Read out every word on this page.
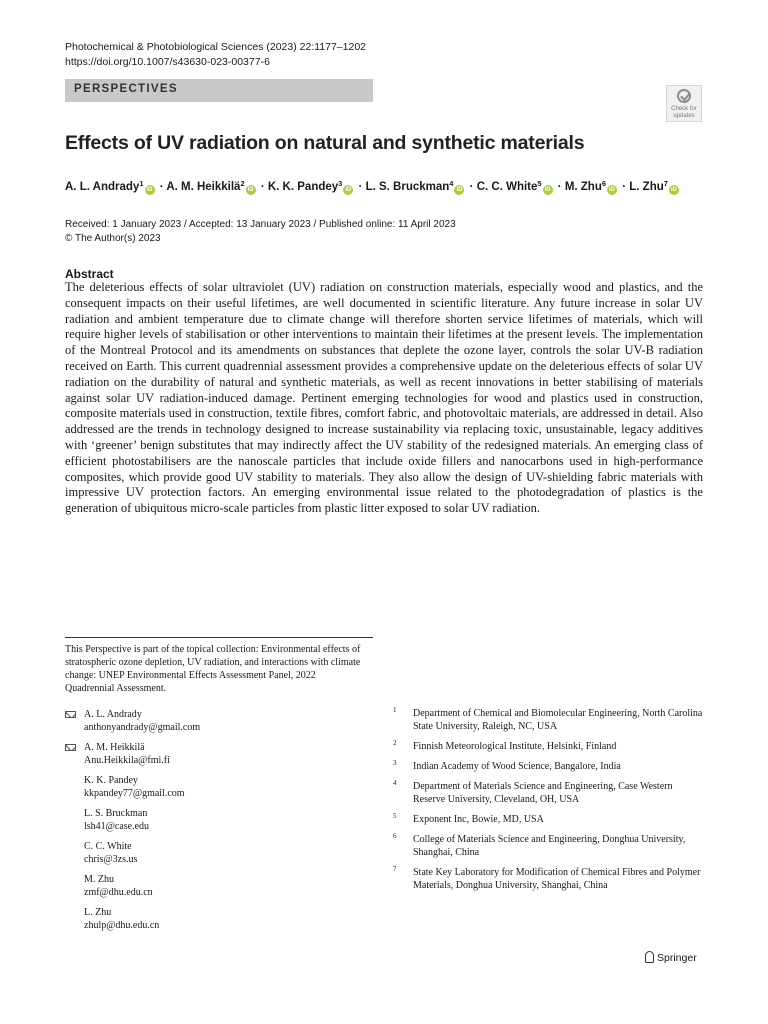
Photochemical & Photobiological Sciences (2023) 22:1177–1202
https://doi.org/10.1007/s43630-023-00377-6
PERSPECTIVES
Check for
updates
Effects of UV radiation on natural and synthetic materials
A. L. Andrady$^1$iD · A. M. Heikkilä$^2$iD · K. K. Pandey$^3$iD · L. S. Bruckman$^4$iD · C. C. White$^5$iD · M. Zhu$^6$iD · L. Zhu$^7$iD
Received: 1 January 2023 / Accepted: 13 January 2023 / Published online: 11 April 2023
© The Author(s) 2023
Abstract
The deleterious effects of solar ultraviolet (UV) radiation on construction materials, especially wood and plastics, and the consequent impacts on their useful lifetimes, are well documented in scientific literature. Any future increase in solar UV radiation and ambient temperature due to climate change will therefore shorten service lifetimes of materials, which will require higher levels of stabilisation or other interventions to maintain their lifetimes at the present levels. The implementation of the Montreal Protocol and its amendments on substances that deplete the ozone layer, controls the solar UV-B radiation received on Earth. This current quadrennial assessment provides a comprehensive update on the deleterious effects of solar UV radiation on the durability of natural and synthetic materials, as well as recent innovations in better stabilising of materials against solar UV radiation-induced damage. Pertinent emerging technologies for wood and plastics used in construction, composite materials used in construction, textile fibres, comfort fabric, and photovoltaic materials, are addressed in detail. Also addressed are the trends in technology designed to increase sustainability via replacing toxic, unsustainable, legacy additives with ‘greener’ benign substitutes that may indirectly affect the UV stability of the redesigned materials. An emerging class of efficient photostabilisers are the nanoscale particles that include oxide fillers and nanocarbons used in high-performance composites, which provide good UV stability to materials. They also allow the design of UV-shielding fabric materials with impressive UV protection factors. An emerging environmental issue related to the photodegradation of plastics is the generation of ubiquitous micro-scale particles from plastic litter exposed to solar UV radiation.
This Perspective is part of the topical collection: Environmental effects of stratospheric ozone depletion, UV radiation, and interactions with climate change: UNEP Environmental Effects Assessment Panel, 2022 Quadrennial Assessment.
A. L. Andrady
anthonyandrady@gmail.com
A. M. Heikkilä
Anu.Heikkila@fmi.fi
K. K. Pandey
kkpandey77@gmail.com
L. S. Bruckman
lsh41@case.edu
C. C. White
chris@3zs.us
M. Zhu
zmf@dhu.edu.cn
L. Zhu
zhulp@dhu.edu.cn
1 Department of Chemical and Biomolecular Engineering, North Carolina State University, Raleigh, NC, USA
2 Finnish Meteorological Institute, Helsinki, Finland
3 Indian Academy of Wood Science, Bangalore, India
4 Department of Materials Science and Engineering, Case Western Reserve University, Cleveland, OH, USA
5 Exponent Inc, Bowie, MD, USA
6 College of Materials Science and Engineering, Donghua University, Shanghai, China
7 State Key Laboratory for Modification of Chemical Fibres and Polymer Materials, Donghua University, Shanghai, China
Springer
